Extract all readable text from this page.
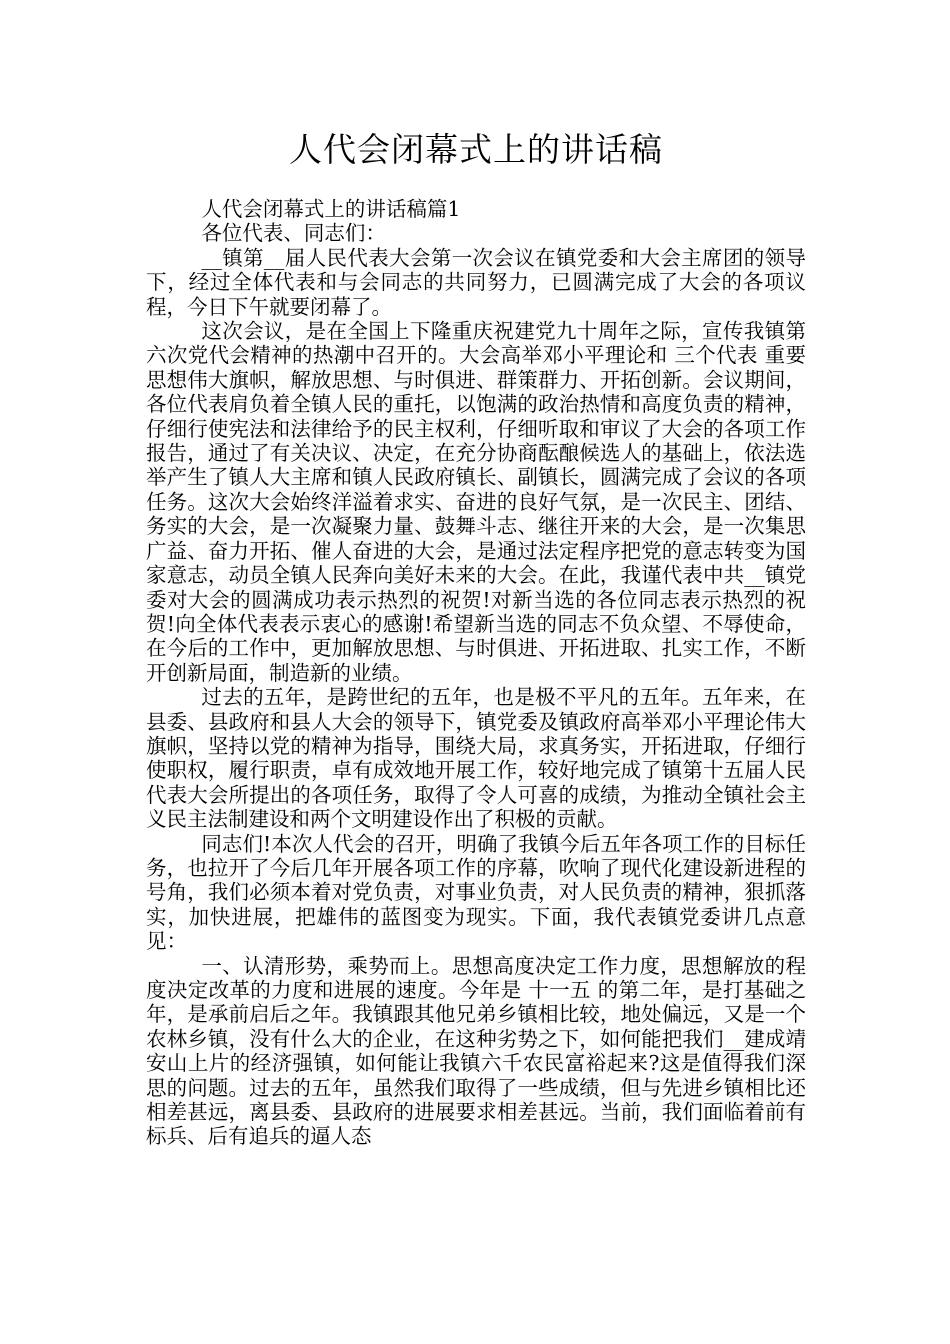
人代会闭幕式上的讲话稿

人代会闭幕式上的讲话稿篇1

各位代表、同志们：

__镇第__届人民代表大会第一次会议在镇党委和大会主席团的领导下，经过全体代表和与会同志的共同努力，已圆满完成了大会的各项议程，今日下午就要闭幕了。

这次会议，是在全国上下隆重庆祝建党九十周年之际，宣传我镇第六次党代会精神的热潮中召开的。大会高举邓小平理论和 三个代表 重要思想伟大旗帜，解放思想、与时俱进、群策群力、开拓创新。会议期间，各位代表肩负着全镇人民的重托，以饱满的政治热情和高度负责的精神，仔细行使宪法和法律给予的民主权利，仔细听取和审议了大会的各项工作报告，通过了有关决议、决定，在充分协商酝酿候选人的基础上，依法选举产生了镇人大主席和镇人民政府镇长、副镇长，圆满完成了会议的各项任务。这次大会始终洋溢着求实、奋进的良好气氛，是一次民主、团结、务实的大会，是一次凝聚力量、鼓舞斗志、继往开来的大会，是一次集思广益、奋力开拓、催人奋进的大会，是通过法定程序把党的意志转变为国家意志，动员全镇人民奔向美好未来的大会。在此，我谨代表中共__镇党委对大会的圆满成功表示热烈的祝贺!对新当选的各位同志表示热烈的祝贺!向全体代表表示衷心的感谢!希望新当选的同志不负众望、不辱使命，在今后的工作中，更加解放思想、与时俱进、开拓进取、扎实工作，不断开创新局面，制造新的业绩。

过去的五年，是跨世纪的五年，也是极不平凡的五年。五年来，在县委、县政府和县人大会的领导下，镇党委及镇政府高举邓小平理论伟大旗帜，坚持以党的精神为指导，围绕大局，求真务实，开拓进取，仔细行使职权，履行职责，卓有成效地开展工作，较好地完成了镇第十五届人民代表大会所提出的各项任务，取得了令人可喜的成绩，为推动全镇社会主义民主法制建设和两个文明建设作出了积极的贡献。

同志们!本次人代会的召开，明确了我镇今后五年各项工作的目标任务，也拉开了今后几年开展各项工作的序幕，吹响了现代化建设新进程的号角，我们必须本着对党负责，对事业负责，对人民负责的精神，狠抓落实，加快进展，把雄伟的蓝图变为现实。下面，我代表镇党委讲几点意见：

一、认清形势，乘势而上。思想高度决定工作力度，思想解放的程度决定改革的力度和进展的速度。今年是 十一五 的第二年，是打基础之年，是承前启后之年。我镇跟其他兄弟乡镇相比较，地处偏远，又是一个农林乡镇，没有什么大的企业，在这种劣势之下，如何能把我们__建成靖安山上片的经济强镇，如何能让我镇六千农民富裕起来?这是值得我们深思的问题。过去的五年，虽然我们取得了一些成绩，但与先进乡镇相比还相差甚远，离县委、县政府的进展要求相差甚远。当前，我们面临着前有标兵、后有追兵的逼人态
